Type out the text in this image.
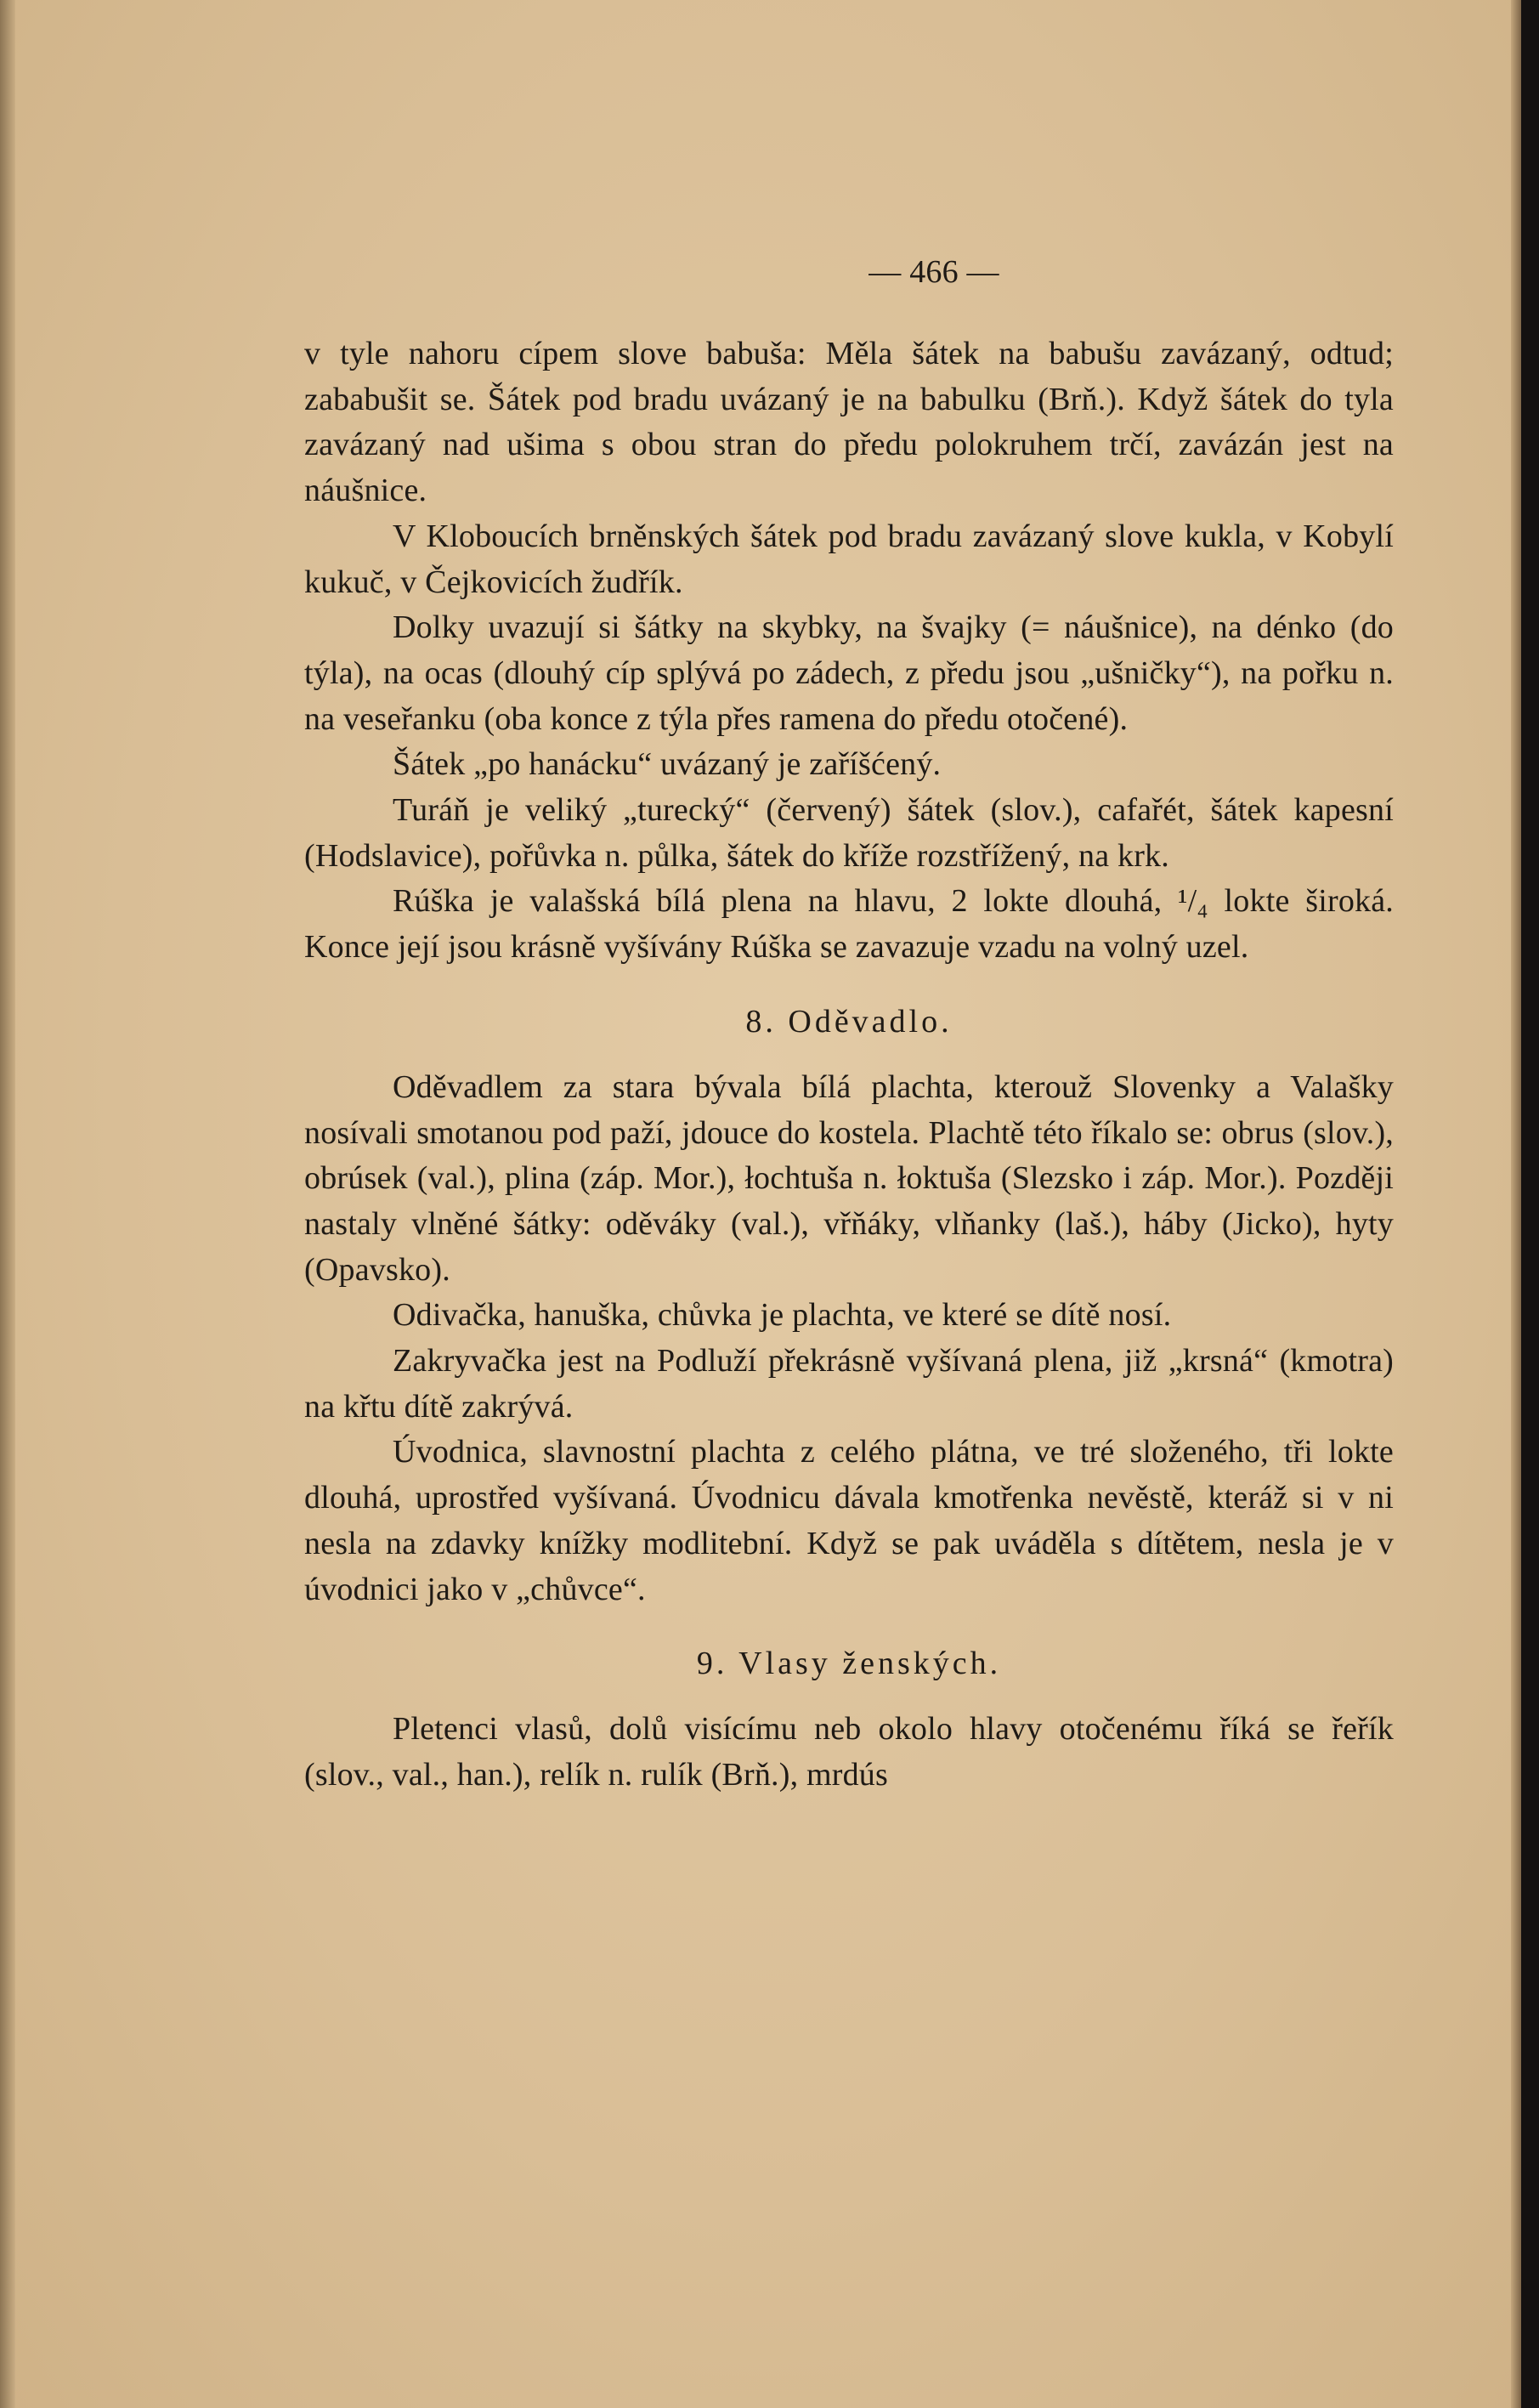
— 466 —

v tyle nahoru cípem slove babuša: Měla šátek na babušu zavázaný, odtud; zababušit se. Šátek pod bradu uvázaný je na babulku (Brň.). Když šátek do tyla zavázaný nad ušima s obou stran do předu polokruhem trčí, zavázán jest na náušnice.

V Kloboucích brněnských šátek pod bradu zavázaný slove kukla, v Kobylí kukuč, v Čejkovicích žudřík.

Dolky uvazují si šátky na skybky, na švajky (= náušnice), na dénko (do týla), na ocas (dlouhý cíp splývá po zádech, z předu jsou „ušničky“), na pořku n. na veseřanku (oba konce z týla přes ramena do předu otočené).

Šátek „po hanácku“ uvázaný je zaříšćený.

Turáň je veliký „turecký“ (červený) šátek (slov.), cafařét, šátek kapesní (Hodslavice), pořůvka n. půlka, šátek do kříže rozstřížený, na krk.

Rúška je valašská bílá plena na hlavu, 2 lokte dlouhá, ¹/₄ lokte široká. Konce její jsou krásně vyšívány Rúška se zavazuje vzadu na volný uzel.

8. Oděvadlo.

Oděvadlem za stara bývala bílá plachta, kterouž Slovenky a Valašky nosívali smotanou pod paží, jdouce do kostela. Plachtě této říkalo se: obrus (slov.), obrúsek (val.), plina (záp. Mor.), łochtuša n. łoktuša (Slezsko i záp. Mor.). Později nastaly vlněné šátky: oděváky (val.), vřňáky, vlňanky (laš.), háby (Jicko), hyty (Opavsko).

Odivačka, hanuška, chůvka je plachta, ve které se dítě nosí.

Zakryvačka jest na Podluží překrásně vyšívaná plena, již „krsná“ (kmotra) na křtu dítě zakrývá.

Úvodnica, slavnostní plachta z celého plátna, ve tré složeného, tři lokte dlouhá, uprostřed vyšívaná. Úvodnicu dávala kmotřenka nevěstě, kteráž si v ni nesla na zdavky knížky modlitební. Když se pak uváděla s dítětem, nesla je v úvodnici jako v „chůvce“.

9. Vlasy ženských.

Pletenci vlasů, dolů visícímu neb okolo hlavy otočenému říká se řeřík (slov., val., han.), relík n. rulík (Brň.), mrdús
